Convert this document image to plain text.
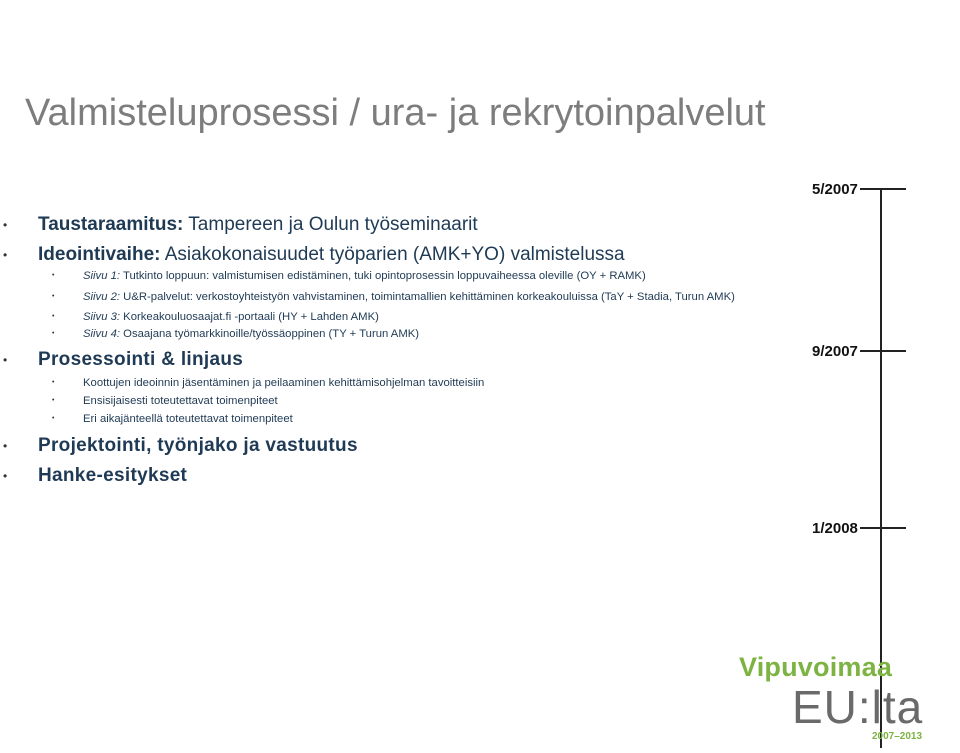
Valmisteluprosessi / ura- ja rekrytoinpalvelut
• Taustaraamitus: Tampereen ja Oulun työseminaarit
• Ideointivaihe: Asiakokonaisuudet työparien (AMK+YO) valmistelussa
•	Siivu 1: Tutkinto loppuun: valmistumisen edistäminen, tuki opintoprosessin loppuvaiheessa oleville (OY + RAMK)
•	Siivu 2: U&R-palvelut: verkostoyhteistyön vahvistaminen, toimintamallien kehittäminen korkeakouluissa (TaY + Stadia, Turun AMK)
•	Siivu 3: Korkeakouluosaajat.fi -portaali (HY + Lahden AMK)
•	Siivu 4: Osaajana työmarkkinoille/työssäoppinen (TY + Turun AMK)
• Prosessointi & linjaus
•	Koottujen ideoinnin jäsentäminen ja peilaaminen kehittämisohjelman tavoitteisiin
•	Ensisijaisesti toteutettavat toimenpiteet
•	Eri aikajänteellä toteutettavat toimenpiteet
• Projektointi, työnjako ja vastuutus
• Hanke-esitykset
5/2007
9/2007
1/2008
Vipuvoimaa
EU:lta
2007–2013
